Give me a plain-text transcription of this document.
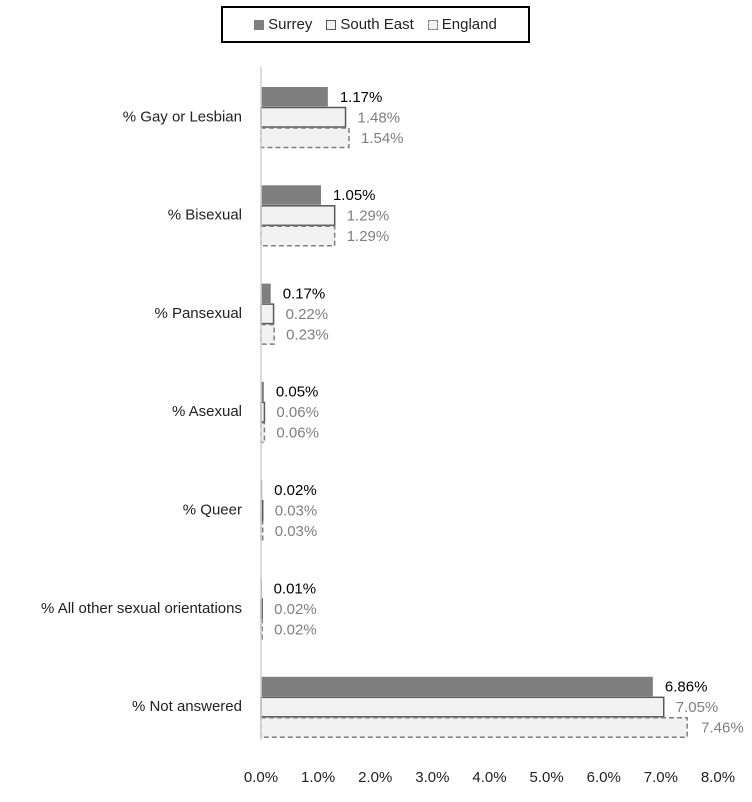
Surrey South East England
% Gay or Lesbian
1.17%
1.48%
1.54%
% Bisexual
1.05%
1.29%
1.29%
% Pansexual
0.17%
0.22%
0.23%
% Asexual
0.05%
0.06%
0.06%
% Queer
0.02%
0.03%
0.03%
% All other sexual orientations
0.01%
0.02%
0.02%
% Not answered
6.86%
7.05%
7.46%
0.0% 1.0% 2.0% 3.0% 4.0% 5.0% 6.0% 7.0% 8.0%
